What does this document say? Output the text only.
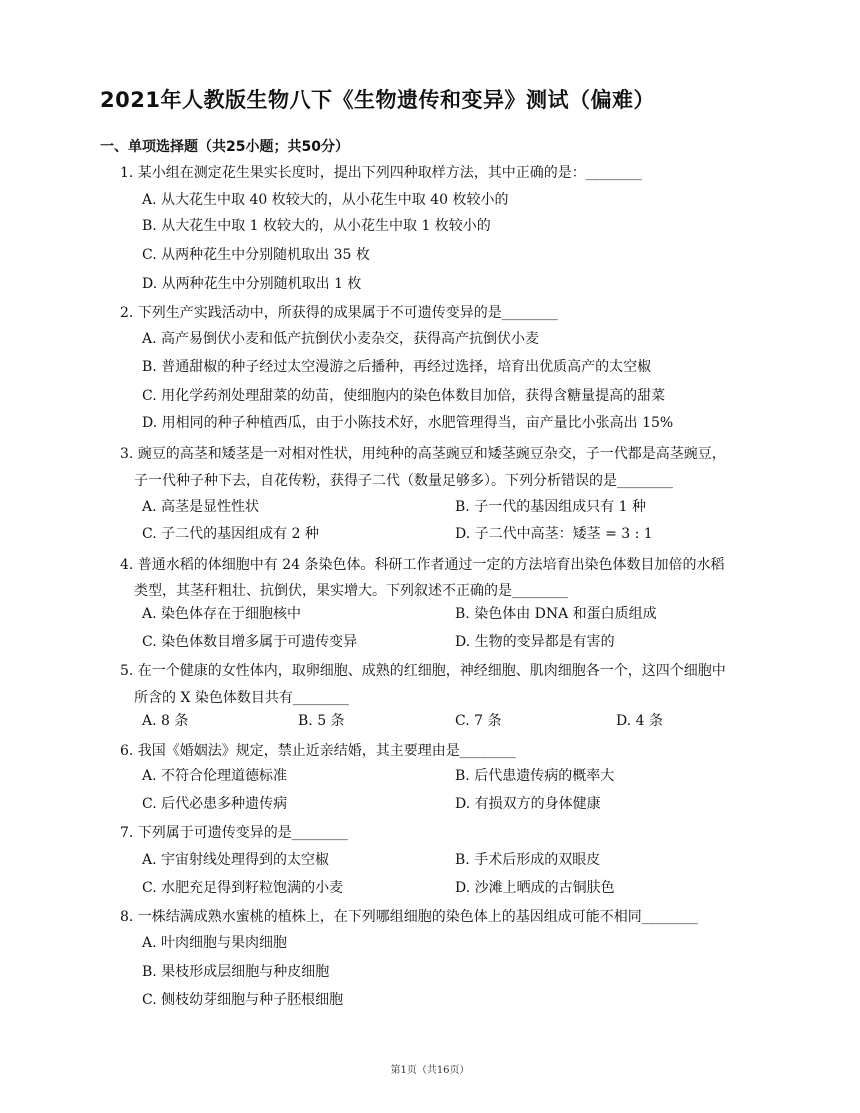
2021年人教版生物八下《生物遗传和变异》测试（偏难）
一、单项选择题（共25小题；共50分）
1. 某小组在测定花生果实长度时，提出下列四种取样方法，其中正确的是：________
A. 从大花生中取 40 枚较大的，从小花生中取 40 枚较小的
B. 从大花生中取 1 枚较大的，从小花生中取 1 枚较小的
C. 从两种花生中分别随机取出 35 枚
D. 从两种花生中分别随机取出 1 枚
2. 下列生产实践活动中，所获得的成果属于不可遗传变异的是________
A. 高产易倒伏小麦和低产抗倒伏小麦杂交，获得高产抗倒伏小麦
B. 普通甜椒的种子经过太空漫游之后播种，再经过选择，培育出优质高产的太空椒
C. 用化学药剂处理甜菜的幼苗，使细胞内的染色体数目加倍，获得含糖量提高的甜菜
D. 用相同的种子种植西瓜，由于小陈技术好，水肥管理得当，亩产量比小张高出 15%
3. 豌豆的高茎和矮茎是一对相对性状，用纯种的高茎豌豆和矮茎豌豆杂交，子一代都是高茎豌豆，
子一代种子种下去，自花传粉，获得子二代（数量足够多）。下列分析错误的是________
A. 高茎是显性性状	B. 子一代的基因组成只有 1 种
C. 子二代的基因组成有 2 种	D. 子二代中高茎：矮茎 = 3 : 1
4. 普通水稻的体细胞中有 24 条染色体。科研工作者通过一定的方法培育出染色体数目加倍的水稻
类型，其茎秆粗壮、抗倒伏，果实增大。下列叙述不正确的是________
A. 染色体存在于细胞核中	B. 染色体由 DNA 和蛋白质组成
C. 染色体数目增多属于可遗传变异	D. 生物的变异都是有害的
5. 在一个健康的女性体内，取卵细胞、成熟的红细胞，神经细胞、肌肉细胞各一个，这四个细胞中
所含的 X 染色体数目共有________
A. 8 条	B. 5 条	C. 7 条	D. 4 条
6. 我国《婚姻法》规定，禁止近亲结婚，其主要理由是________
A. 不符合伦理道德标准	B. 后代患遗传病的概率大
C. 后代必患多种遗传病	D. 有损双方的身体健康
7. 下列属于可遗传变异的是________
A. 宇宙射线处理得到的太空椒	B. 手术后形成的双眼皮
C. 水肥充足得到籽粒饱满的小麦	D. 沙滩上晒成的古铜肤色
8. 一株结满成熟水蜜桃的植株上，在下列哪组细胞的染色体上的基因组成可能不相同________
A. 叶肉细胞与果肉细胞
B. 果枝形成层细胞与种皮细胞
C. 侧枝幼芽细胞与种子胚根细胞
第1页（共16页）
